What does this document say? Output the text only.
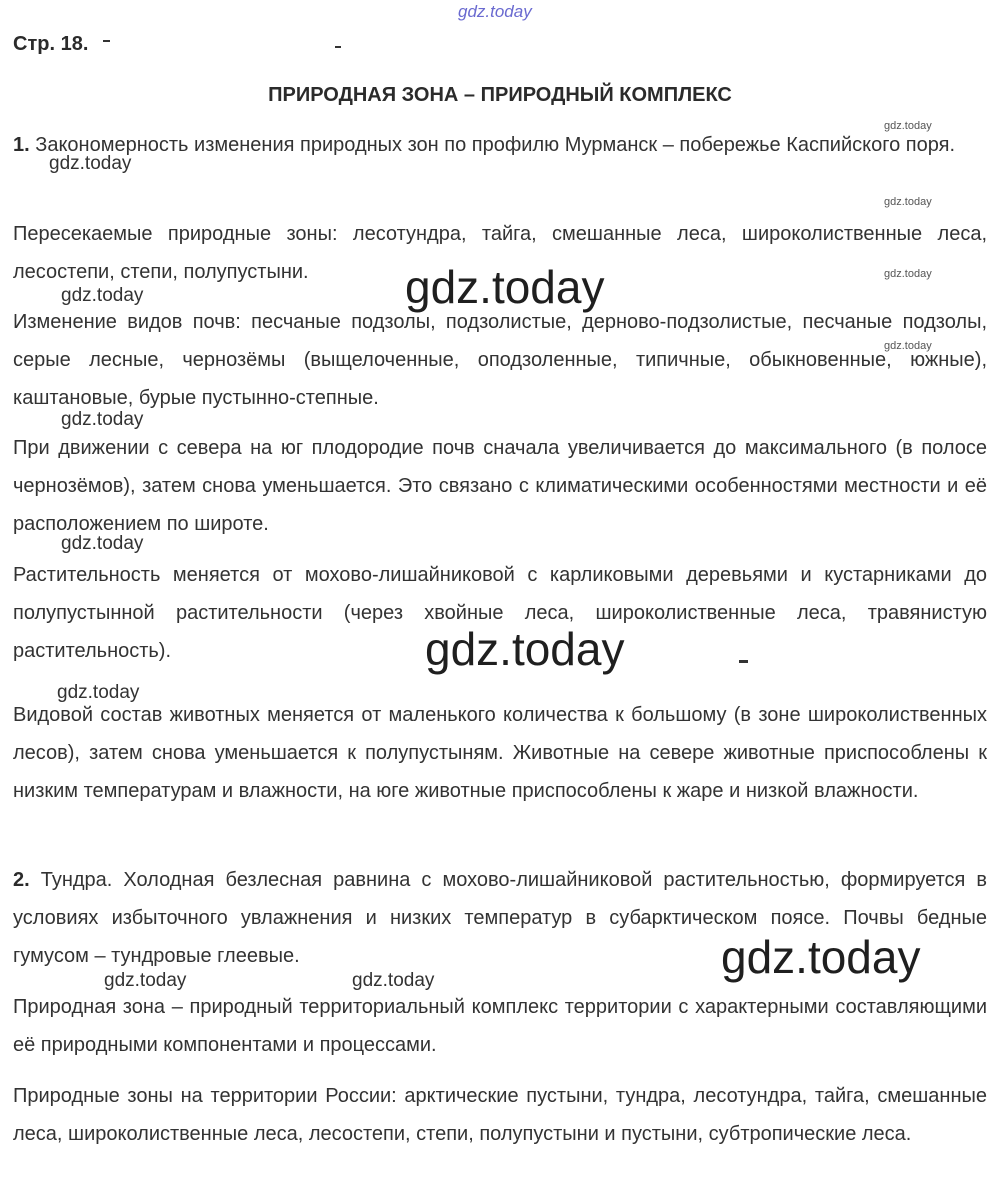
gdz.today
Стр. 18.
ПРИРОДНАЯ ЗОНА – ПРИРОДНЫЙ КОМПЛЕКС

1. Закономерность изменения природных зон по профилю Мурманск – побережье Каспийского поря.

Пересекаемые природные зоны: лесотундра, тайга, смешанные леса, широколиственные леса, лесостепи, степи, полупустыни.

Изменение видов почв: песчаные подзолы, подзолистые, дерново-подзолистые, песчаные подзолы, серые лесные, чернозёмы (выщелоченные, оподзоленные, типичные, обыкновенные, южные), каштановые, бурые пустынно-степные.

При движении с севера на юг плодородие почв сначала увеличивается до максимального (в полосе чернозёмов), затем снова уменьшается. Это связано с климатическими особенностями местности и её расположением по широте.

Растительность меняется от мохово-лишайниковой с карликовыми деревьями и кустарниками до полупустынной растительности (через хвойные леса, широколиственные леса, травянистую растительность).

Видовой состав животных меняется от маленького количества к большому (в зоне широколиственных лесов), затем снова уменьшается к полупустыням. Животные на севере животные приспособлены к низким температурам и влажности, на юге животные приспособлены к жаре и низкой влажности.

2. Тундра. Холодная безлесная равнина с мохово-лишайниковой растительностью, формируется в условиях избыточного увлажнения и низких температур в субарктическом поясе. Почвы бедные гумусом – тундровые глеевые.

Природная зона – природный территориальный комплекс территории с характерными составляющими её природными компонентами и процессами.

Природные зоны на территории России: арктические пустыни, тундра, лесотундра, тайга, смешанные леса, широколиственные леса, лесостепи, степи, полупустыни и пустыни, субтропические леса.

gdz.today
gdz.today
gdz.today
gdz.today	gdz.today
gdz.today
gdz.today
gdz.today
gdz.today
gdz.today
gdz.today
gdz.today
gdz.today	gdz.today
